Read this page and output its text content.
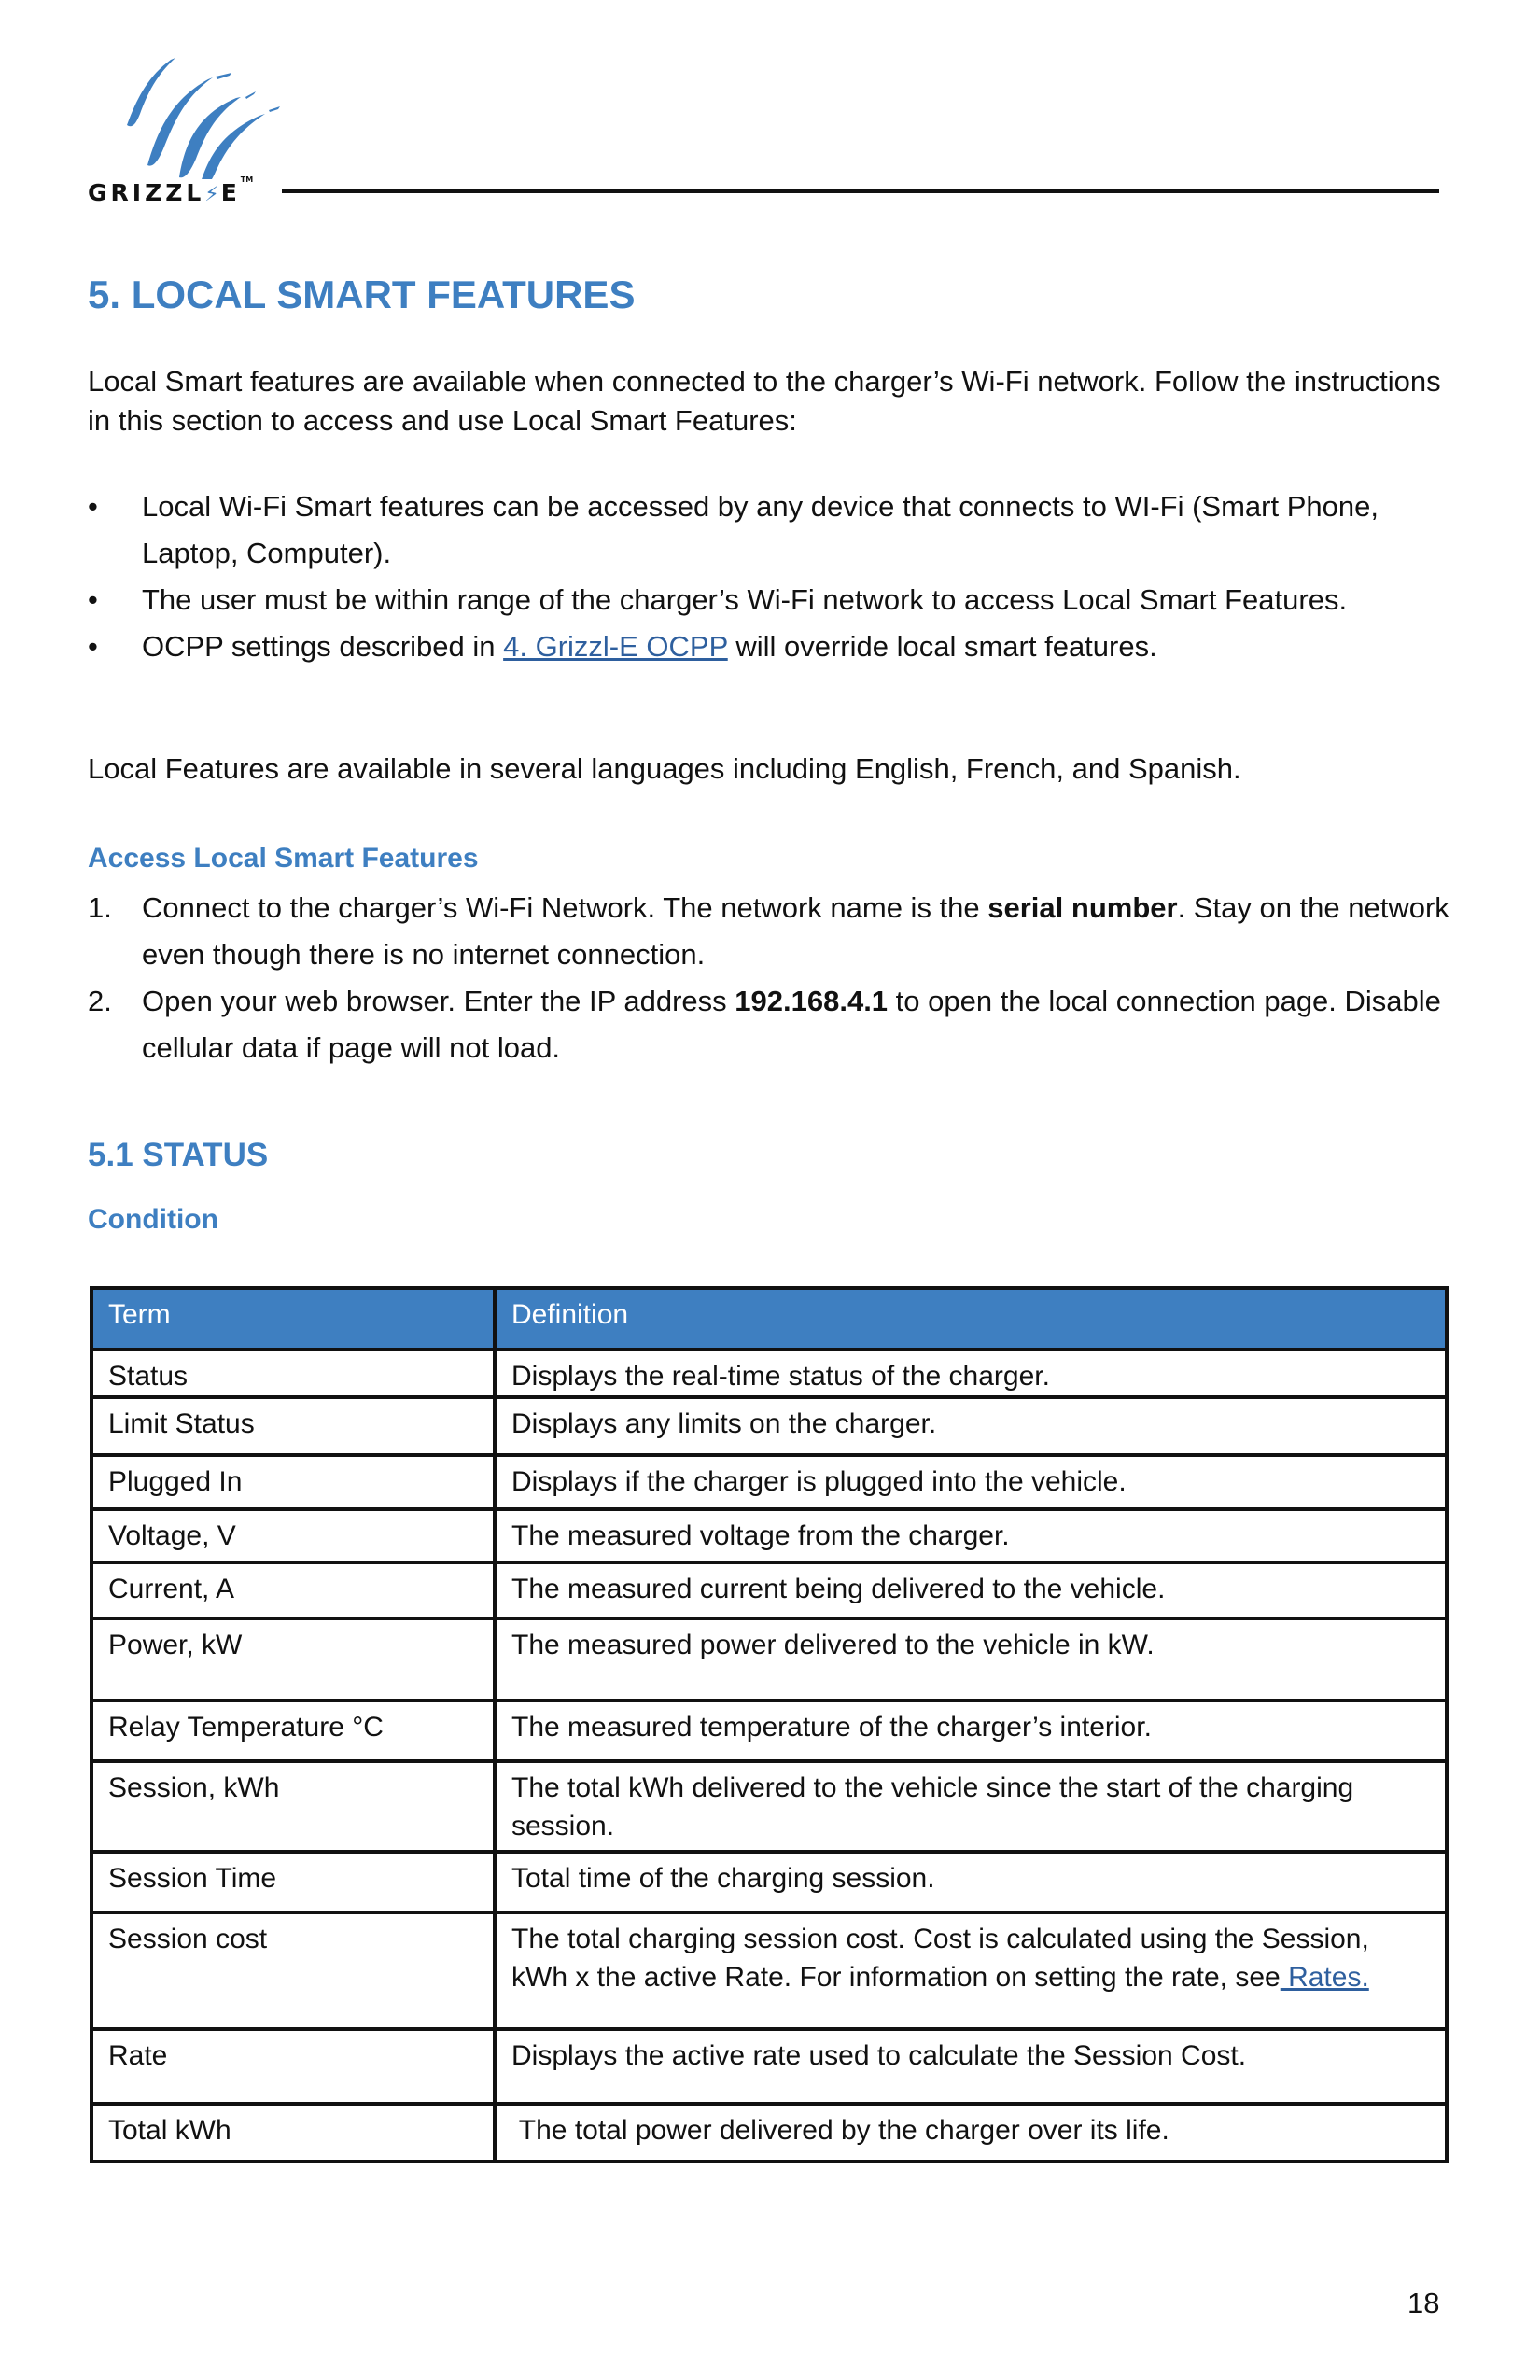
GRIZZL⚡E™
5. LOCAL SMART FEATURES

Local Smart features are available when connected to the charger’s Wi-Fi network. Follow the instructions in this section to access and use Local Smart Features:

• Local Wi-Fi Smart features can be accessed by any device that connects to WI-Fi (Smart Phone, Laptop, Computer).
• The user must be within range of the charger’s Wi-Fi network to access Local Smart Features.
• OCPP settings described in 4. Grizzl-E OCPP will override local smart features.

Local Features are available in several languages including English, French, and Spanish.

Access Local Smart Features
1. Connect to the charger’s Wi-Fi Network. The network name is the serial number. Stay on the network even though there is no internet connection.
2. Open your web browser. Enter the IP address 192.168.4.1 to open the local connection page. Disable cellular data if page will not load.
5.1 STATUS
Condition
Term	Definition
Status	Displays the real-time status of the charger.
Limit Status	Displays any limits on the charger.
Plugged In	Displays if the charger is plugged into the vehicle.
Voltage, V	The measured voltage from the charger.
Current, A	The measured current being delivered to the vehicle.
Power, kW	The measured power delivered to the vehicle in kW.
Relay Temperature °C	The measured temperature of the charger’s interior.
Session, kWh	The total kWh delivered to the vehicle since the start of the charging session.
Session Time	Total time of the charging session.
Session cost	The total charging session cost. Cost is calculated using the Session, kWh x the active Rate. For information on setting the rate, see Rates.
Rate	Displays the active rate used to calculate the Session Cost.
Total kWh	The total power delivered by the charger over its life.
18
